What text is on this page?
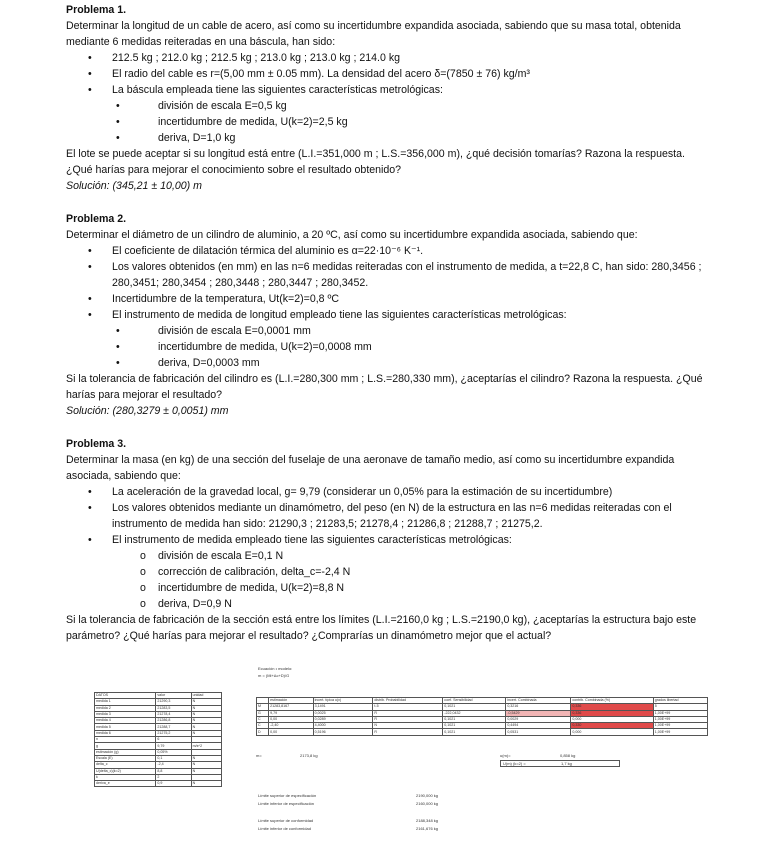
Problema 1.

Determinar la longitud de un cable de acero, así como su incertidumbre expandida asociada, sabiendo que su masa total, obtenida mediante 6 medidas reiteradas en una báscula, han sido:

• 212.5 kg ; 212.0 kg ; 212.5 kg ; 213.0 kg ; 213.0 kg ; 214.0 kg
• El radio del cable es r=(5,00 mm ± 0.05 mm). La densidad del acero δ=(7850 ± 76) kg/m³
• La báscula empleada tiene las siguientes características metrológicas:
• división de escala E=0,5 kg
• incertidumbre de medida, U(k=2)=2,5 kg
• deriva, D=1,0 kg

El lote se puede aceptar si su longitud está entre (L.I.=351,000 m ; L.S.=356,000 m), ¿qué decisión tomarías? Razona la respuesta. ¿Qué harías para mejorar el conocimiento sobre el resultado obtenido?

Solución: (345,21 ± 10,00) m

Problema 2.

Determinar el diámetro de un cilindro de aluminio, a 20 ºC, así como su incertidumbre expandida asociada, sabiendo que:

• El coeficiente de dilatación térmica del aluminio es α=22·10⁻⁶ K⁻¹.
• Los valores obtenidos (en mm) en las n=6 medidas reiteradas con el instrumento de medida, a t=22,8 C, han sido: 280,3456 ; 280,3451; 280,3454 ; 280,3448 ; 280,3447 ; 280,3452.
• Incertidumbre de la temperatura, Ut(k=2)=0,8 ºC
• El instrumento de medida de longitud empleado tiene las siguientes características metrológicas:
• división de escala E=0,0001 mm
• incertidumbre de medida, U(k=2)=0,0008 mm
• deriva, D=0,0003 mm

Si la tolerancia de fabricación del cilindro es (L.I.=280,300 mm ; L.S.=280,330 mm), ¿aceptarías el cilindro? Razona la respuesta. ¿Qué harías para mejorar el resultado?

Solución: (280,3279 ± 0,0051) mm

Problema 3.

Determinar la masa (en kg) de una sección del fuselaje de una aeronave de tamaño medio, así como su incertidumbre expandida asociada, sabiendo que:

• La aceleración de la gravedad local, g= 9,79 (considerar un 0,05% para la estimación de su incertidumbre)
• Los valores obtenidos mediante un dinamómetro, del peso (en N) de la estructura en las n=6 medidas reiteradas con el instrumento de medida han sido: 21290,3 ; 21283,5; 21278,4 ; 21286,8 ; 21288,7 ; 21275,2.
• El instrumento de medida empleado tiene las siguientes características metrológicas:
o división de escala E=0,1 N
o corrección de calibración, delta_c=-2,4 N
o incertidumbre de medida, U(k=2)=8,8 N
o deriva, D=0,9 N

Si la tolerancia de fabricación de la sección está entre los límites (L.I.=2160,0 kg ; L.S.=2190,0 kg), ¿aceptarías la estructura bajo este parámetro? ¿Qué harías para mejorar el resultado? ¿Comprarías un dinamómetro mejor que el actual?

Ecuación • modelo:
m = (Mi+Δc+D)/G
DATOS	valor	unidad
medida 1	21290,3	N
medida 2	21283,5	N
medida 3	21278,4	N
medida 4	21286,8	N
medida 5	21288,7	N
medida 6	21275,2	N
n	6	
g	9,79	m/s^2
estimación (g)	0,05%	
Escala (E)	0,1	N
delta_c	-2,4	N
U(delta_c)(k=2)	8,8	N
k	2	
deriva_e	0,9	N
	estimación	incert. típica u(x)	distrib. Probabilidad	coef. Sensibilidad	incert. Combinada	contrib. Combinada (%)	grados libertad
M	21283,8167	3,1491	t-5	0,1021	0,3216	0,336	5
G	9,79	0,0025	R	-222,0432	-0,5429	0,336	1,00E+99
C	0,00	0,0289	R	0,1021	0,0029	0,000	1,00E+99
C	-2,40	4,4000	N	0,1021	0,4494	0,330	1,00E+99
D	0,00	0,5196	R	0,1021	0,0531	0,000	1,00E+99
m=	2173,8 kg	u(m)=	0,858 kg
U(m) (k=2) =	1,7 kg
Límite superior de especificación	2190,000 kg
Límite inferior de especificación	2160,000 kg
Límite superior de conformidad	2188,348 kg
Límite inferior de conformidad	2161,676 kg
